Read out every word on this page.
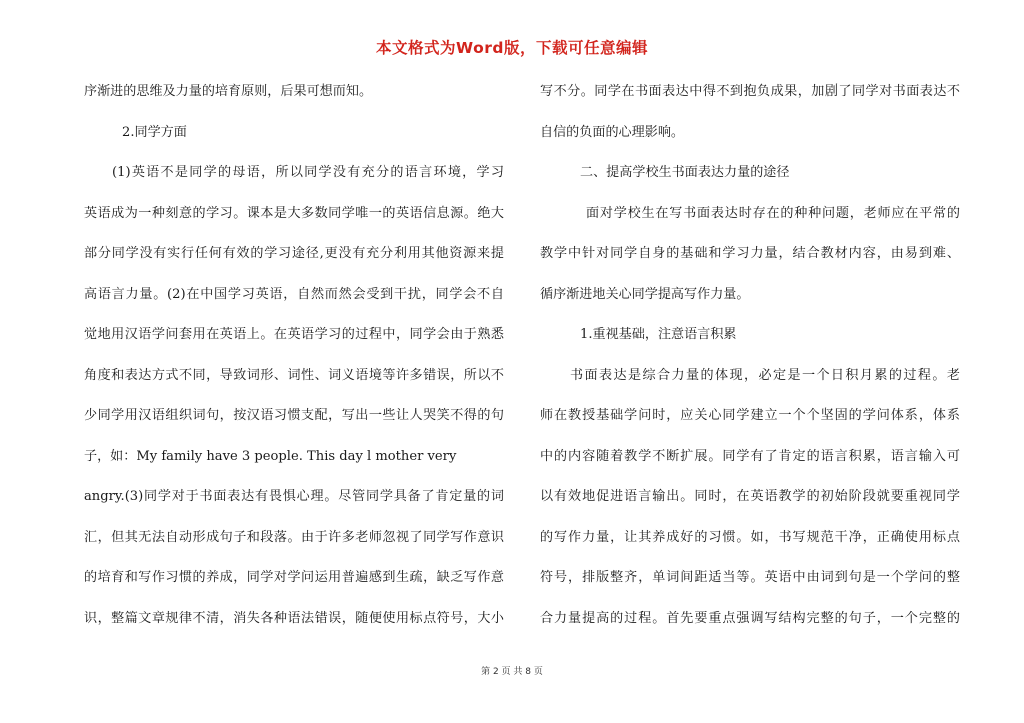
本文格式为Word版，下载可任意编辑
序渐进的思维及力量的培育原则，后果可想而知。
2.同学方面
(1)英语不是同学的母语，所以同学没有充分的语言环境，学习
英语成为一种刻意的学习。课本是大多数同学唯一的英语信息源。绝大
部分同学没有实行任何有效的学习途径,更没有充分利用其他资源来提
高语言力量。(2)在中国学习英语，自然而然会受到干扰，同学会不自
觉地用汉语学问套用在英语上。在英语学习的过程中，同学会由于熟悉
角度和表达方式不同，导致词形、词性、词义语境等许多错误，所以不
少同学用汉语组织词句，按汉语习惯支配，写出一些让人哭笑不得的句
子，如：My family have 3 people. This day l mother very
angry.(3)同学对于书面表达有畏惧心理。尽管同学具备了肯定量的词
汇，但其无法自动形成句子和段落。由于许多老师忽视了同学写作意识
的培育和写作习惯的养成，同学对学问运用普遍感到生疏，缺乏写作意
识，整篇文章规律不清，消失各种语法错误，随便使用标点符号，大小
写不分。同学在书面表达中得不到抱负成果，加剧了同学对书面表达不
自信的负面的心理影响。
二、提高学校生书面表达力量的途径
面对学校生在写书面表达时存在的种种问题，老师应在平常的
教学中针对同学自身的基础和学习力量，结合教材内容，由易到难、
循序渐进地关心同学提高写作力量。
1.重视基础，注意语言积累
书面表达是综合力量的体现，必定是一个日积月累的过程。老
师在教授基础学问时，应关心同学建立一个个坚固的学问体系，体系
中的内容随着教学不断扩展。同学有了肯定的语言积累，语言输入可
以有效地促进语言输出。同时，在英语教学的初始阶段就要重视同学
的写作力量，让其养成好的习惯。如，书写规范干净，正确使用标点
符号，排版整齐，单词间距适当等。英语中由词到句是一个学问的整
合力量提高的过程。首先要重点强调写结构完整的句子，一个完整的
第 2 页 共 8 页
